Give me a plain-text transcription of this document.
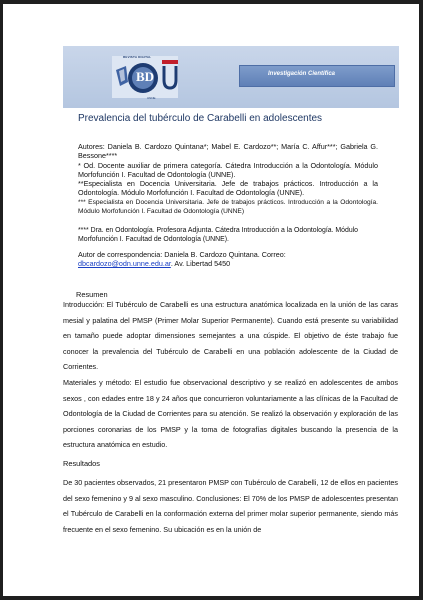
REVISTA DIGITAL
BD
UNNE
Investigación Científica
Prevalencia del tubérculo de Carabelli en adolescentes

Autores: Daniela B. Cardozo Quintana*; Mabel E. Cardozo**; María C. Affur***; Gabriela G. Bessone****

* Od. Docente auxiliar de primera categoría. Cátedra Introducción a la Odontología. Módulo Morfofunción I. Facultad de Odontología (UNNE).

**Especialista en Docencia Universitaria. Jefe de trabajos prácticos. Introducción a la Odontología. Módulo Morfofunción I. Facultad de Odontología (UNNE).

*** Especialista en Docencia Universitaria. Jefe de trabajos prácticos. Introducción a la Odontología. Módulo Morfofunción I. Facultad de Odontología (UNNE)

**** Dra. en Odontología. Profesora Adjunta. Cátedra Introducción a la Odontología. Módulo Morfofunción I. Facultad de Odontología (UNNE).

Autor de correspondencia: Daniela B. Cardozo Quintana. Correo:

dbcardozo@odn.unne.edu.ar. Av. Libertad 5450

Resumen

Introducción: El Tubérculo de Carabelli es una estructura anatómica localizada en la unión de las caras mesial y palatina del PMSP (Primer Molar Superior Permanente). Cuando está presente su variabilidad en tamaño puede adoptar dimensiones semejantes a una cúspide. El objetivo de éste trabajo fue conocer la prevalencia del Tubérculo de Carabelli en una población adolescente de la Ciudad de Corrientes.

Materiales y método: El estudio fue observacional descriptivo y se realizó en adolescentes de ambos sexos , con edades entre 18 y 24 años que concurrieron voluntariamente a las clínicas de la Facultad de Odontología de la Ciudad de Corrientes para su atención. Se realizó la observación y exploración de las porciones coronarias de los PMSP y la toma de fotografías digitales buscando la presencia de la estructura anatómica en estudio.

Resultados

De 30 pacientes observados, 21 presentaron PMSP con Tubérculo de Carabelli, 12 de ellos en pacientes del sexo femenino y 9 al sexo masculino. Conclusiones: El 70% de los PMSP de adolescentes presentan el Tubérculo de Carabelli en la conformación externa del primer molar superior permanente, siendo más frecuente en el sexo femenino. Su ubicación es en la unión de
